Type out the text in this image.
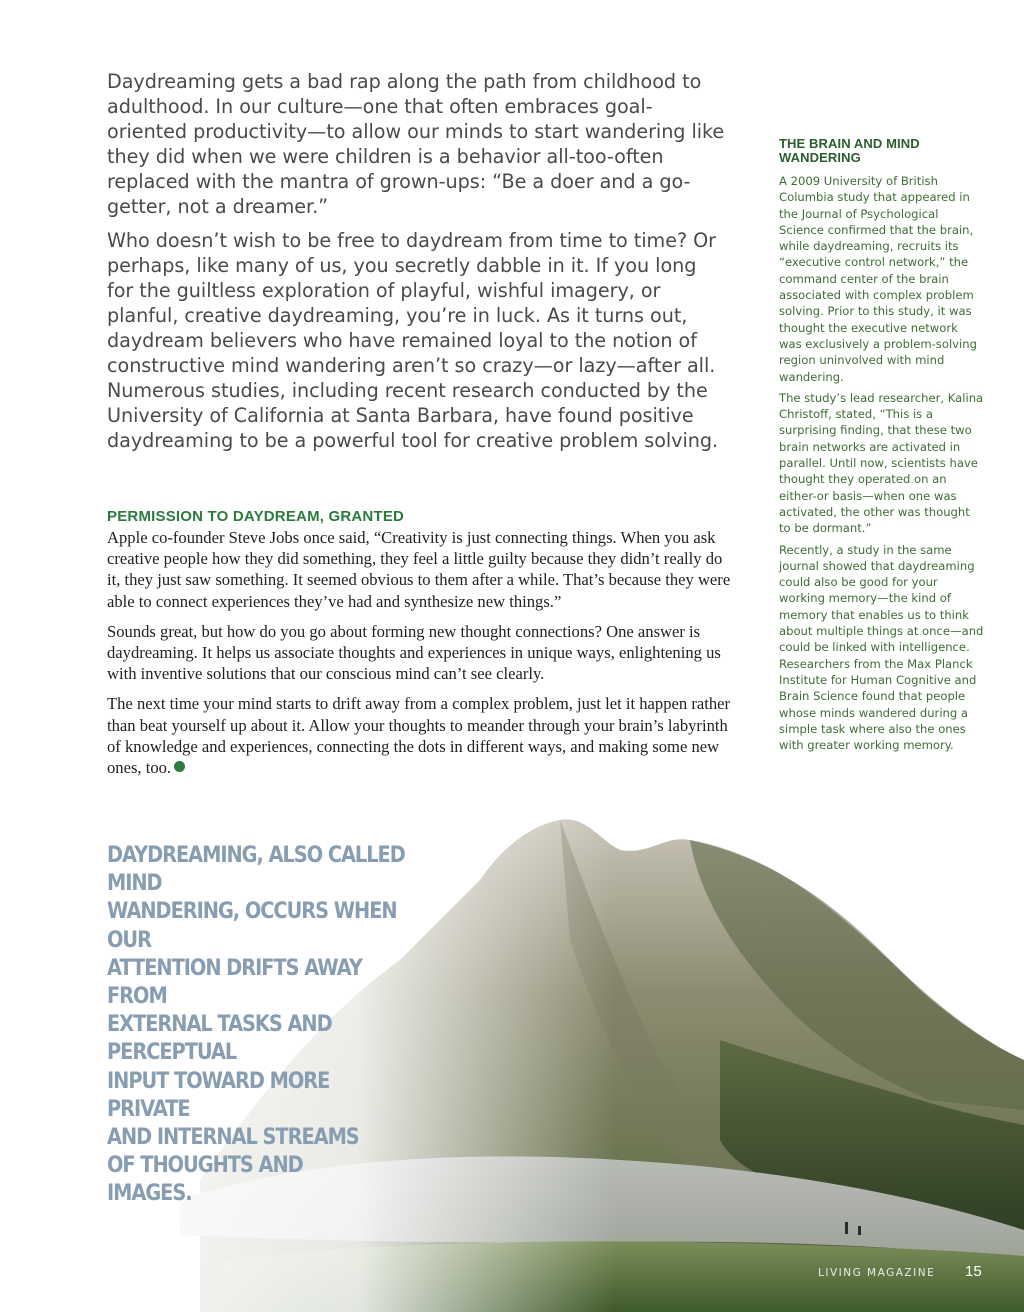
Daydreaming gets a bad rap along the path from childhood to adulthood. In our culture—one that often embraces goal-oriented productivity—to allow our minds to start wandering like they did when we were children is a behavior all-too-often replaced with the mantra of grown-ups: “Be a doer and a go-getter, not a dreamer.”

Who doesn’t wish to be free to daydream from time to time? Or perhaps, like many of us, you secretly dabble in it. If you long for the guiltless exploration of playful, wishful imagery, or planful, creative daydreaming, you’re in luck. As it turns out, daydream believers who have remained loyal to the notion of constructive mind wandering aren’t so crazy—or lazy—after all. Numerous studies, including recent research conducted by the University of California at Santa Barbara, have found positive daydreaming to be a powerful tool for creative problem solving.

PERMISSION TO DAYDREAM, GRANTED

Apple co-founder Steve Jobs once said, “Creativity is just connecting things. When you ask creative people how they did something, they feel a little guilty because they didn’t really do it, they just saw something. It seemed obvious to them after a while. That’s because they were able to connect experiences they’ve had and synthesize new things.”

Sounds great, but how do you go about forming new thought connections? One answer is daydreaming. It helps us associate thoughts and experiences in unique ways, enlightening us with inventive solutions that our conscious mind can’t see clearly.

The next time your mind starts to drift away from a complex problem, just let it happen rather than beat yourself up about it. Allow your thoughts to meander through your brain’s labyrinth of knowledge and experiences, connecting the dots in different ways, and making some new ones, too.

THE BRAIN AND MIND WANDERING

A 2009 University of British Columbia study that appeared in the Journal of Psychological Science confirmed that the brain, while daydreaming, recruits its “executive control network,” the command center of the brain associated with complex problem solving. Prior to this study, it was thought the executive network was exclusively a problem-solving region uninvolved with mind wandering.

The study’s lead researcher, Kalina Christoff, stated, “This is a surprising finding, that these two brain networks are activated in parallel. Until now, scientists have thought they operated on an either-or basis—when one was activated, the other was thought to be dormant.”

Recently, a study in the same journal showed that daydreaming could also be good for your working memory—the kind of memory that enables us to think about multiple things at once—and could be linked with intelligence. Researchers from the Max Planck Institute for Human Cognitive and Brain Science found that people whose minds wandered during a simple task where also the ones with greater working memory.

DAYDREAMING, ALSO CALLED MIND
WANDERING, OCCURS WHEN OUR
ATTENTION DRIFTS AWAY FROM
EXTERNAL TASKS AND PERCEPTUAL
INPUT TOWARD MORE PRIVATE
AND INTERNAL STREAMS
OF THOUGHTS AND
IMAGES.
LIVING MAGAZINE 15
